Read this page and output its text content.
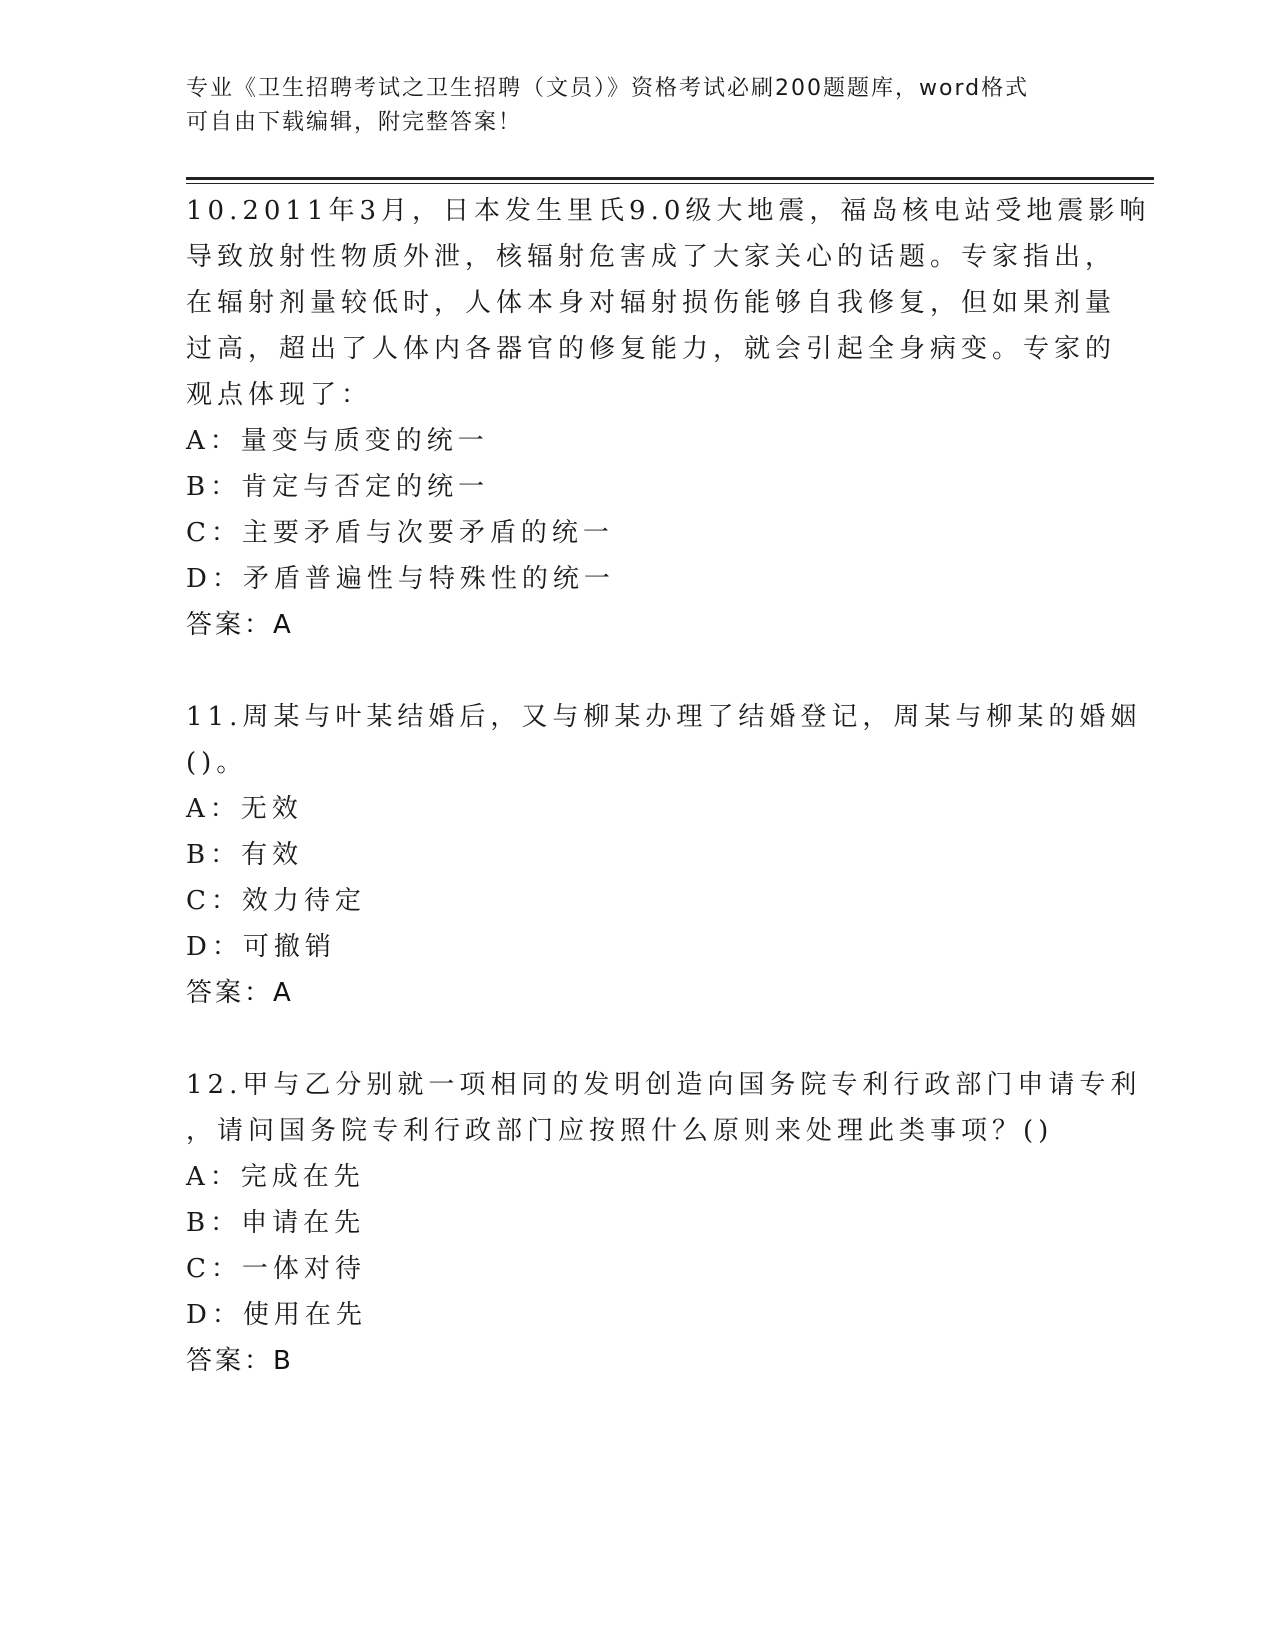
专业《卫生招聘考试之卫生招聘（文员）》资格考试必刷200题题库，word格式
可自由下载编辑，附完整答案！
10.2011年3月，日本发生里氏9.0级大地震，福岛核电站受地震影响
导致放射性物质外泄，核辐射危害成了大家关心的话题。专家指出，
在辐射剂量较低时，人体本身对辐射损伤能够自我修复，但如果剂量
过高，超出了人体内各器官的修复能力，就会引起全身病变。专家的
观点体现了：
A：量变与质变的统一
B：肯定与否定的统一
C：主要矛盾与次要矛盾的统一
D：矛盾普遍性与特殊性的统一
答案：A
11.周某与叶某结婚后，又与柳某办理了结婚登记，周某与柳某的婚姻
()。
A：无效
B：有效
C：效力待定
D：可撤销
答案：A
12.甲与乙分别就一项相同的发明创造向国务院专利行政部门申请专利
，请问国务院专利行政部门应按照什么原则来处理此类事项？()
A：完成在先
B：申请在先
C：一体对待
D：使用在先
答案：B
